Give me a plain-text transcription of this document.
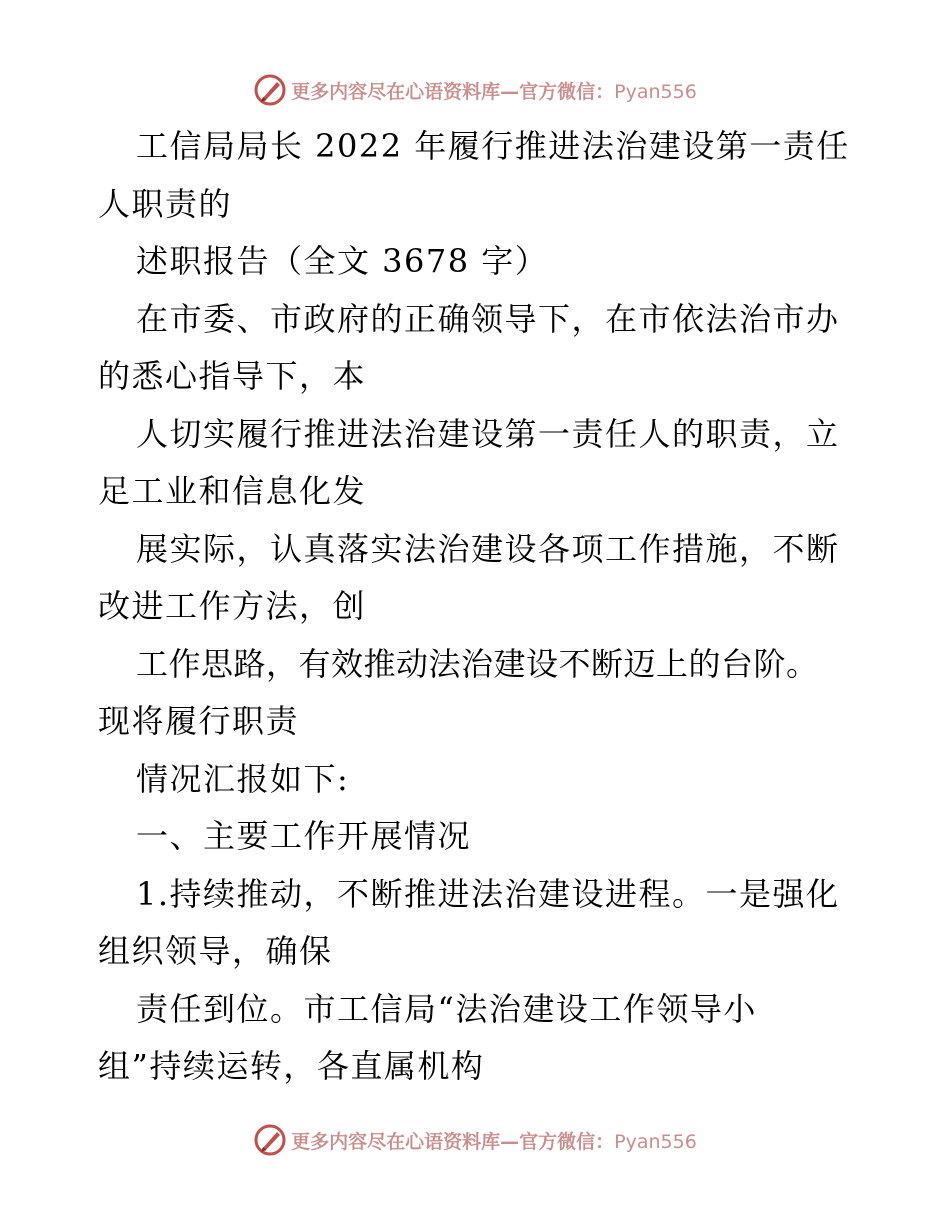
更多内容尽在心语资料库—官方微信：Pyan556
工信局局长 2022 年履行推进法治建设第一责任
人职责的
述职报告（全文 3678 字）
在市委、市政府的正确领导下，在市依法治市办
的悉心指导下，本
人切实履行推进法治建设第一责任人的职责，立
足工业和信息化发
展实际，认真落实法治建设各项工作措施，不断
改进工作方法，创
工作思路，有效推动法治建设不断迈上的台阶。
现将履行职责
情况汇报如下:
一、主要工作开展情况
1.持续推动，不断推进法治建设进程。一是强化
组织领导，确保
责任到位。市工信局“法治建设工作领导小
组”持续运转，各直属机构
更多内容尽在心语资料库—官方微信：Pyan556
